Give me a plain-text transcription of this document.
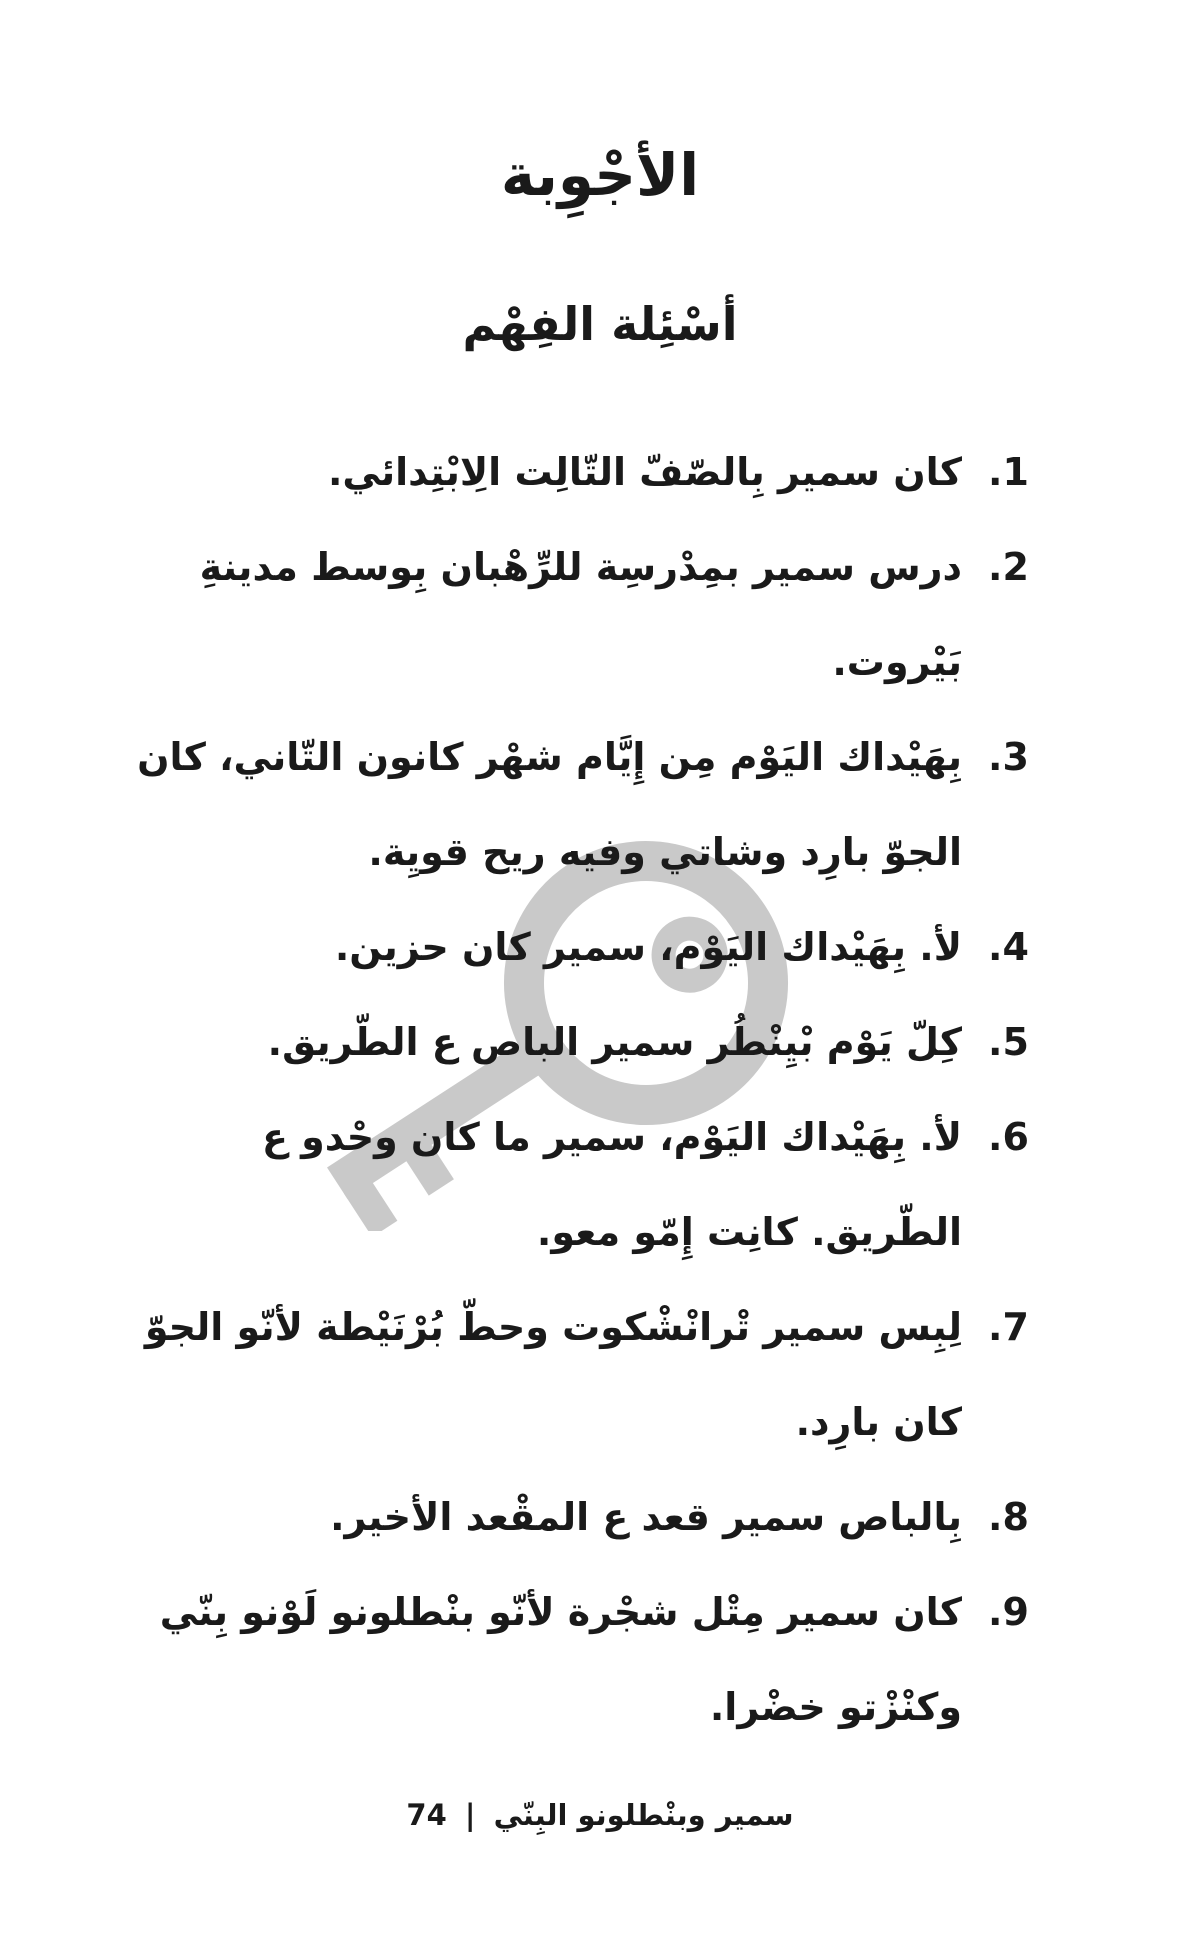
الأجْوِبة
أسْئِلة الفِهْم
1.
كان سمير بِالصّفّ التّالِت الِابْتِدائي.
2.
درس سمير بمِدْرسِة للرِّهْبان بِوسط مدينةِ بَيْروت.
3.
بِهَيْداك اليَوْم مِن إِيَّام شهْر كانون التّاني، كان الجوّ بارِد وشاتي وفيه ريح قويِة.
4.
لأ. بِهَيْداك اليَوْم، سمير كان حزين.
5.
كِلّ يَوْم بْيِنْطُر سمير الباص ع الطّريق.
6.
لأ. بِهَيْداك اليَوْم، سمير ما كان وحْدو ع الطّريق. كانِت إِمّو معو.
7.
لِبِس سمير تْرانْشْكوت وحطّ بُرْنَيْطة لأنّو الجوّ كان بارِد.
8.
بِالباص سمير قعد ع المقْعد الأخير.
9.
كان سمير مِتْل شجْرة لأنّو بنْطلونو لَوْنو بِنّي وكنْزْتو خضْرا.
سمير وبنْطلونو البِنّي | 74
